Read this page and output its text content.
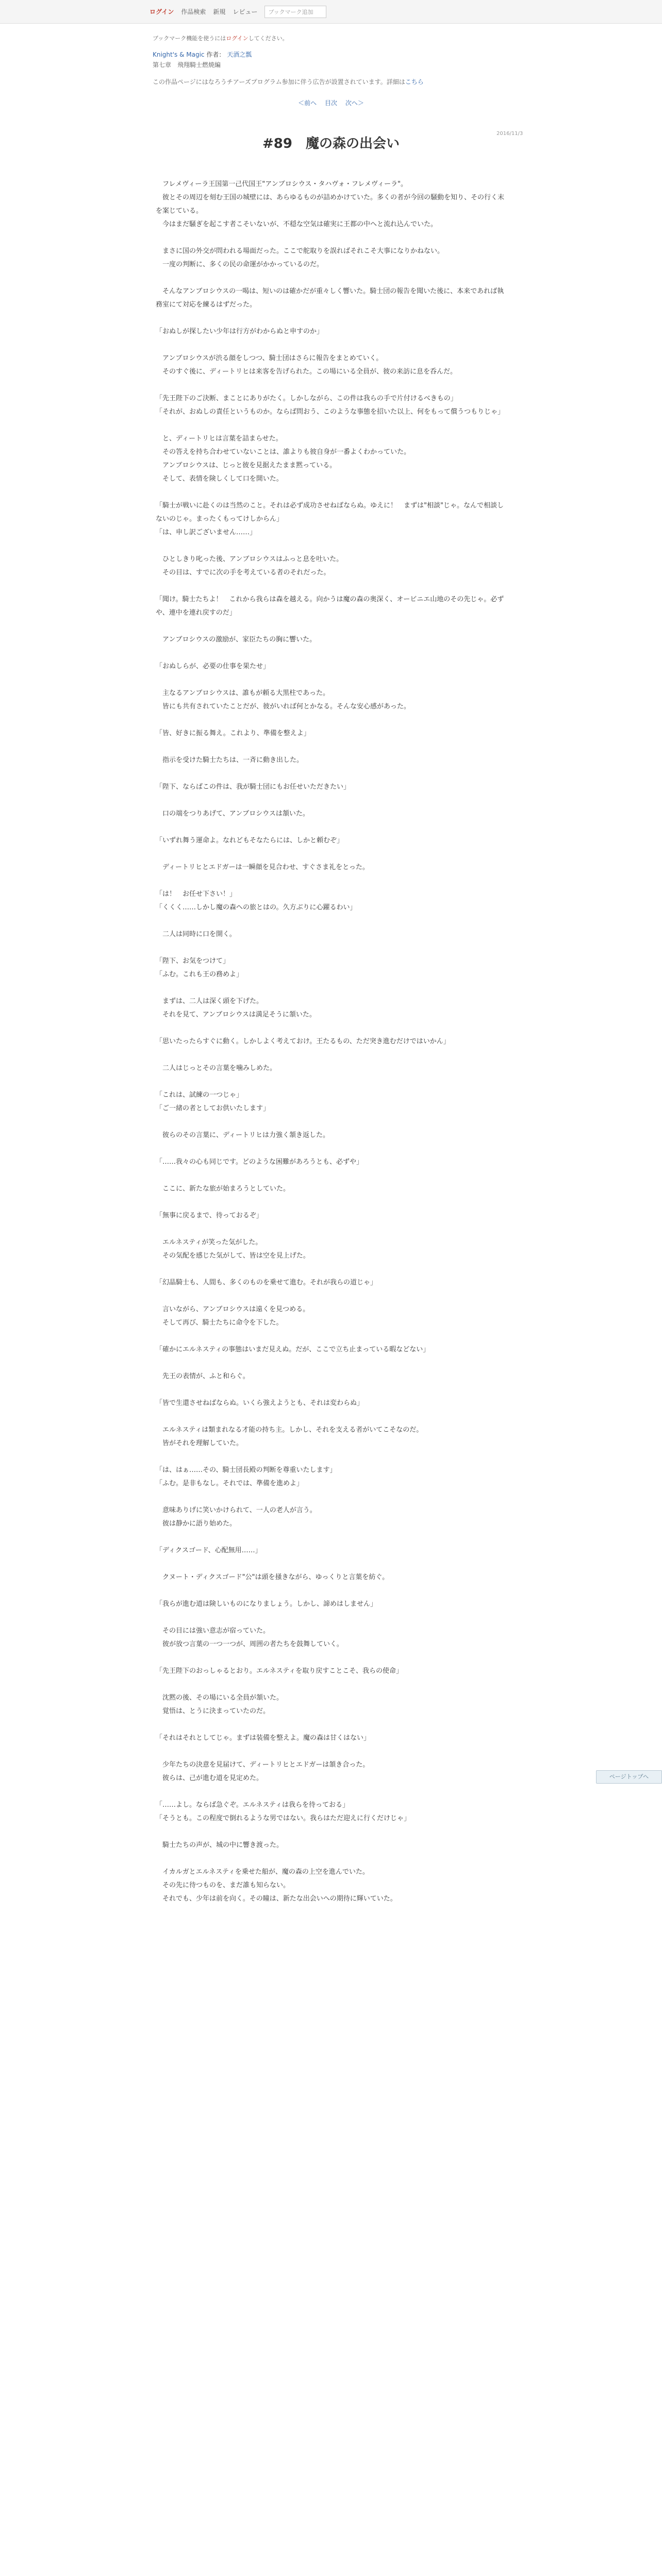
ログイン 作品検索 新規 レビュー	ブックマーク追加
ブックマーク機能を使うにはログインしてください。
Knight's & Magic 作者： 天酒之瓢
第七章　飛翔騎士燃焼編
この作品ページにはなろうチアーズプログラム参加に伴う広告が設置されています。詳細はこちら
＜前へ 目次 次へ＞
2016/11/3
#89　魔の森の出会い

　フレメヴィーラ王国第一己代国王"アンブロシウス・タハヴォ・フレメヴィーラ"。

　彼とその周辺を刻む王国の城壁には、あらゆるものが詰めかけていた。多くの者が今回の騒動を知り、その行く末を案じている。

　今はまだ騒ぎを起こす者こそいないが、不穏な空気は確実に王都の中へと流れ込んでいた。

　まさに国の外交が問われる場面だった。ここで舵取りを誤ればそれこそ大事になりかねない。

　一度の判断に、多くの民の命運がかかっているのだ。

　そんなアンブロシウスの一喝は、短いのは確かだが重々しく響いた。騎士団の報告を聞いた後に、本来であれば執務室にて対応を練るはずだった。

「おぬしが探したい少年は行方がわからぬと申すのか」

　アンブロシウスが渋る顔をしつつ、騎士団はさらに報告をまとめていく。

　そのすぐ後に、ディートリヒは来客を告げられた。この場にいる全員が、彼の来訪に息を呑んだ。

「先王陛下のご決断、まことにありがたく。しかしながら、この件は我らの手で片付けるべきもの」

「それが、おぬしの責任というものか。ならば問おう、このような事態を招いた以上、何をもって償うつもりじゃ」

　と、ディートリヒは言葉を詰まらせた。

　その答えを持ち合わせていないことは、誰よりも彼自身が一番よくわかっていた。

　アンブロシウスは、じっと彼を見据えたまま黙っている。

　そして、表情を険しくして口を開いた。

「騎士が戦いに赴くのは当然のこと。それは必ず成功させねばならぬ。ゆえに！　まずは"相談"じゃ。なんで相談しないのじゃ。まったくもってけしからん」

「は、申し訳ございません……」

　ひとしきり叱った後、アンブロシウスはふっと息を吐いた。

　その目は、すでに次の手を考えている者のそれだった。

「聞け。騎士たちよ！　これから我らは森を越える。向かうは魔の森の奥深く、オービニエ山地のその先じゃ。必ずや、連中を連れ戻すのだ」

　アンブロシウスの激励が、家臣たちの胸に響いた。

「おぬしらが、必要の仕事を果たせ」

　主なるアンブロシウスは、誰もが頼る大黒柱であった。

　皆にも共有されていたことだが、彼がいれば何とかなる。そんな安心感があった。

「皆、好きに振る舞え。これより、準備を整えよ」

　指示を受けた騎士たちは、一斉に動き出した。

「陛下、ならばこの件は、我が騎士団にもお任せいただきたい」

　口の端をつりあげて、アンブロシウスは頷いた。

「いずれ舞う運命よ。なれどもそなたらには、しかと頼むぞ」

　ディートリヒとエドガーは一瞬顔を見合わせ、すぐさま礼をとった。

「は！　お任せ下さい！」

「くくく……しかし魔の森への旅とはの。久方ぶりに心躍るわい」

　二人は同時に口を開く。

「陛下、お気をつけて」

「ふむ。これも王の務めよ」

　まずは、二人は深く頭を下げた。

　それを見て、アンブロシウスは満足そうに頷いた。

「思いたったらすぐに動く。しかしよく考えておけ。王たるもの、ただ突き進むだけではいかん」

　二人はじっとその言葉を噛みしめた。

「これは、試練の一つじゃ」

「ご一緒の者としてお供いたします」

　彼らのその言葉に、ディートリヒは力強く頷き返した。

「……我々の心も同じです。どのような困難があろうとも、必ずや」

　ここに、新たな旅が始まろうとしていた。

「無事に戻るまで、待っておるぞ」

　エルネスティが笑った気がした。

　その気配を感じた気がして、皆は空を見上げた。

「幻晶騎士も、人間も、多くのものを乗せて進む。それが我らの道じゃ」

　言いながら、アンブロシウスは遠くを見つめる。

　そして再び、騎士たちに命令を下した。

「確かにエルネスティの事態はいまだ見えぬ。だが、ここで立ち止まっている暇などない」

　先王の表情が、ふと和らぐ。

「皆で生還させねばならぬ。いくら強えようとも、それは変わらぬ」

　エルネスティは類まれなる才能の持ち主。しかし、それを支える者がいてこそなのだ。

　皆がそれを理解していた。

「は、はぁ……その、騎士団長殿の判断を尊重いたします」

「ふむ。是非もなし。それでは、準備を進めよ」

　意味ありげに笑いかけられて、一人の老人が言う。

　彼は静かに語り始めた。

「ディクスゴード、心配無用……」

　クヌート・ディクスゴード"公"は頭を掻きながら、ゆっくりと言葉を紡ぐ。

「我らが進む道は険しいものになりましょう。しかし、諦めはしません」

　その目には強い意志が宿っていた。

　彼が放つ言葉の一つ一つが、周囲の者たちを鼓舞していく。

「先王陛下のおっしゃるとおり。エルネスティを取り戻すことこそ、我らの使命」

　沈黙の後、その場にいる全員が頷いた。

　覚悟は、とうに決まっていたのだ。

「それはそれとしてじゃ。まずは装備を整えよ。魔の森は甘くはない」

　少年たちの決意を見届けて、ディートリヒとエドガーは頷き合った。

　彼らは、己が進む道を見定めた。

「……よし。ならば急ぐぞ。エルネスティは我らを待っておる」

「そうとも。この程度で倒れるような男ではない。我らはただ迎えに行くだけじゃ」

　騎士たちの声が、城の中に響き渡った。

　イカルガとエルネスティを乗せた船が、魔の森の上空を進んでいた。

　その先に待つものを、まだ誰も知らない。

　それでも、少年は前を向く。その瞳は、新たな出会いへの期待に輝いていた。

ページトップへ
